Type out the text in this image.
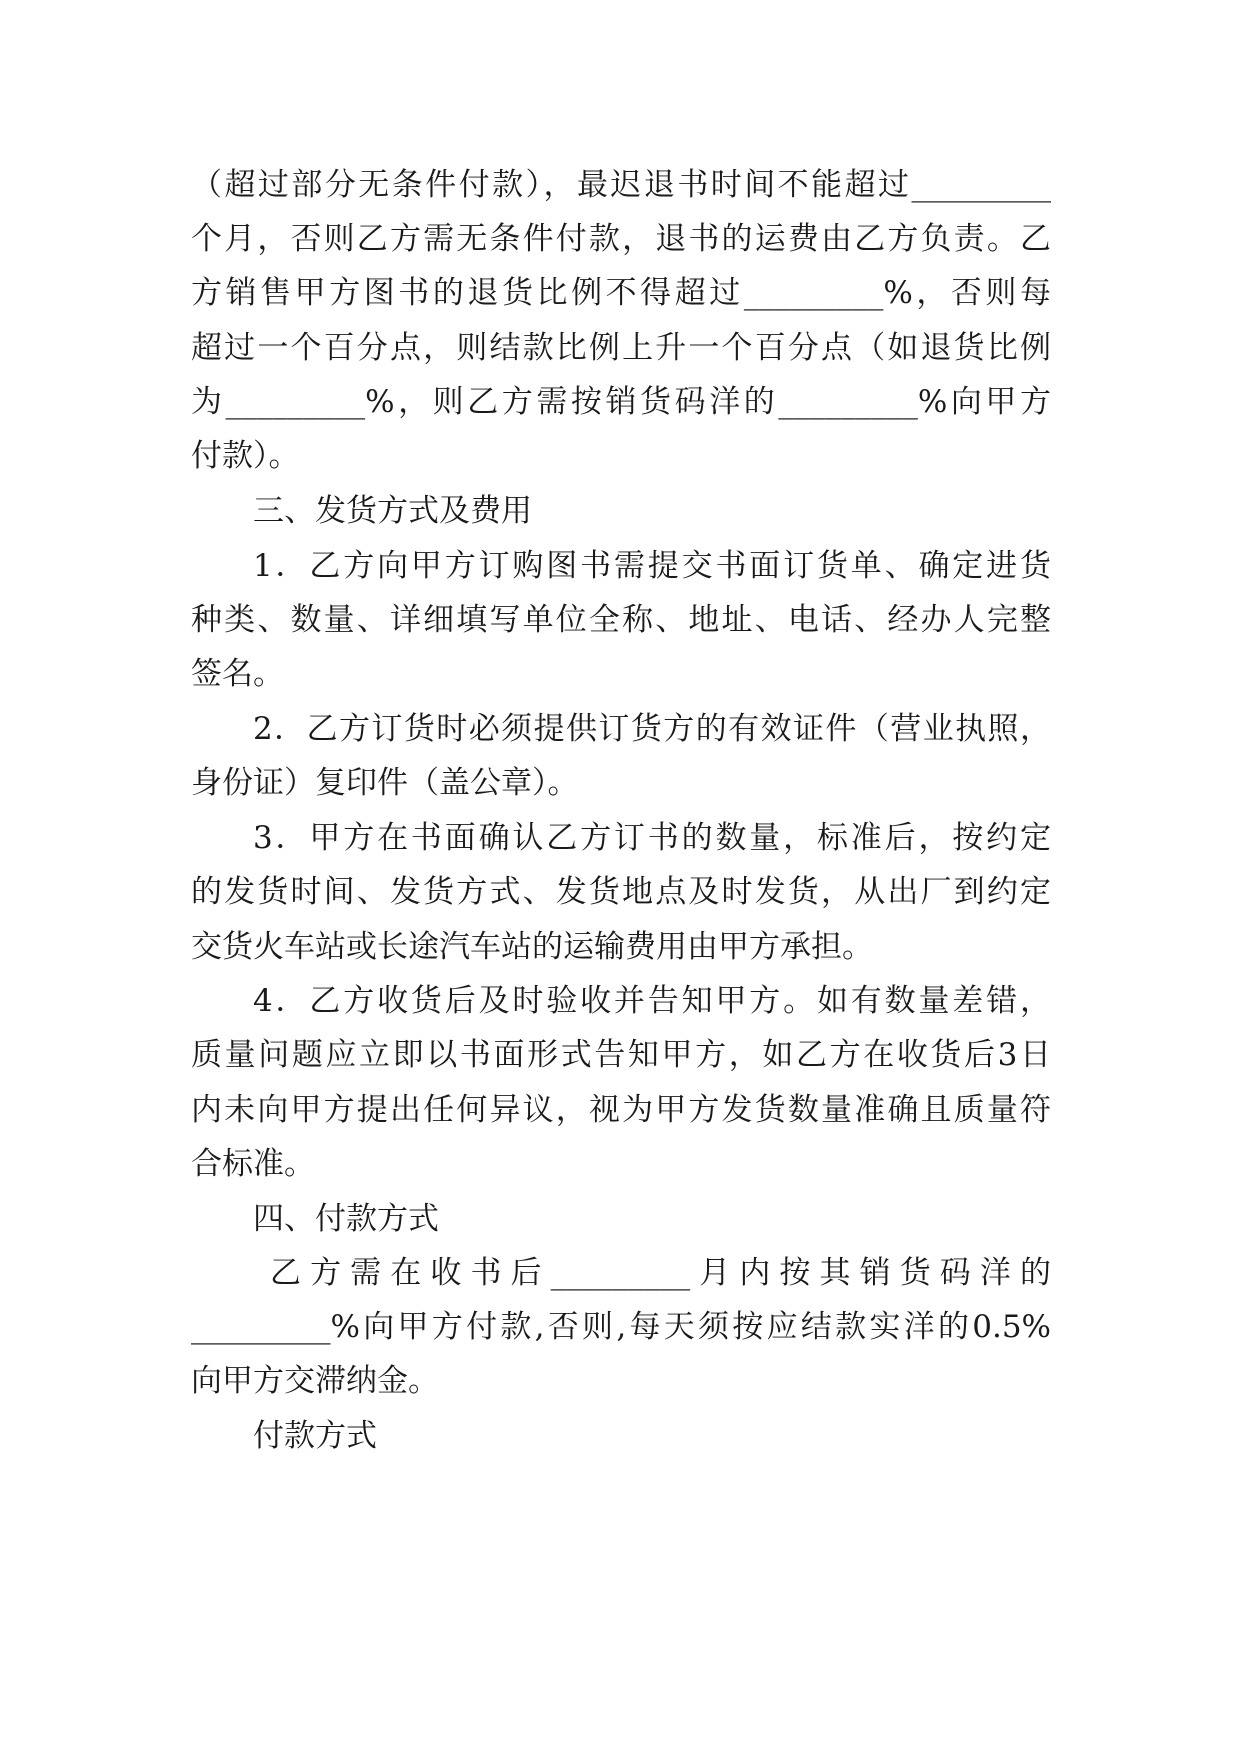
（超过部分无条件付款），最迟退书时间不能超过_________
个月，否则乙方需无条件付款，退书的运费由乙方负责。乙
方销售甲方图书的退货比例不得超过_________%，否则每
超过一个百分点，则结款比例上升一个百分点（如退货比例
为_________%，则乙方需按销货码洋的_________%向甲方
付款）。
三、发货方式及费用
1．乙方向甲方订购图书需提交书面订货单、确定进货
种类、数量、详细填写单位全称、地址、电话、经办人完整
签名。
2．乙方订货时必须提供订货方的有效证件（营业执照，
身份证）复印件（盖公章）。
3．甲方在书面确认乙方订书的数量，标准后，按约定
的发货时间、发货方式、发货地点及时发货，从出厂到约定
交货火车站或长途汽车站的运输费用由甲方承担。
4．乙方收货后及时验收并告知甲方。如有数量差错，
质量问题应立即以书面形式告知甲方，如乙方在收货后3日
内未向甲方提出任何异议，视为甲方发货数量准确且质量符
合标准。
四、付款方式
乙方需在收书后_________月内按其销货码洋的
_________%向甲方付款,否则,每天须按应结款实洋的0.5%
向甲方交滞纳金。
付款方式
